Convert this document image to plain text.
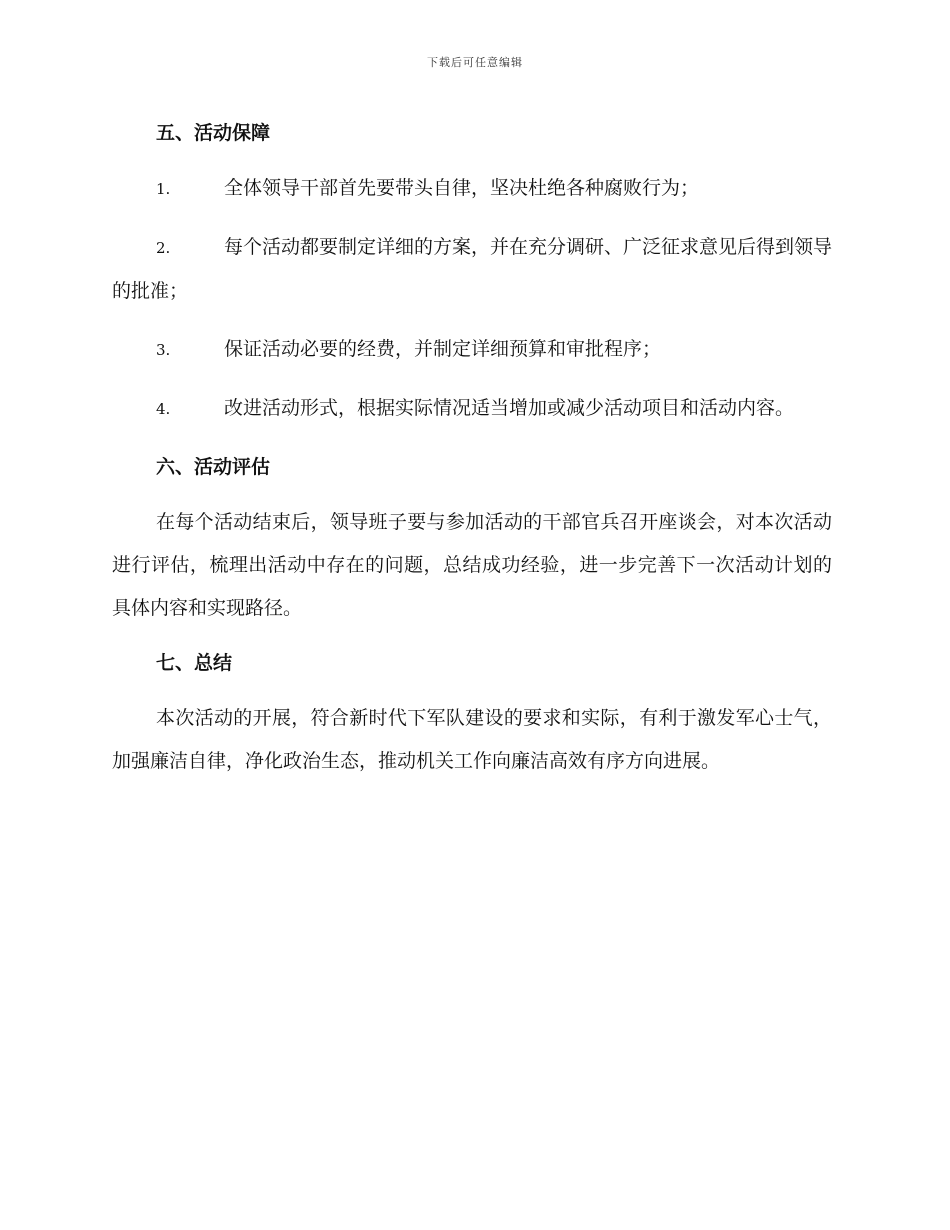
下载后可任意编辑
五、活动保障
1.	全体领导干部首先要带头自律，坚决杜绝各种腐败行为；
2.	每个活动都要制定详细的方案，并在充分调研、广泛征求意见后得到领导的批准；
3.	保证活动必要的经费，并制定详细预算和审批程序；
4.	改进活动形式，根据实际情况适当增加或减少活动项目和活动内容。
六、活动评估
在每个活动结束后，领导班子要与参加活动的干部官兵召开座谈会，对本次活动进行评估，梳理出活动中存在的问题，总结成功经验，进一步完善下一次活动计划的具体内容和实现路径。
七、总结
本次活动的开展，符合新时代下军队建设的要求和实际，有利于激发军心士气，加强廉洁自律，净化政治生态，推动机关工作向廉洁高效有序方向进展。
